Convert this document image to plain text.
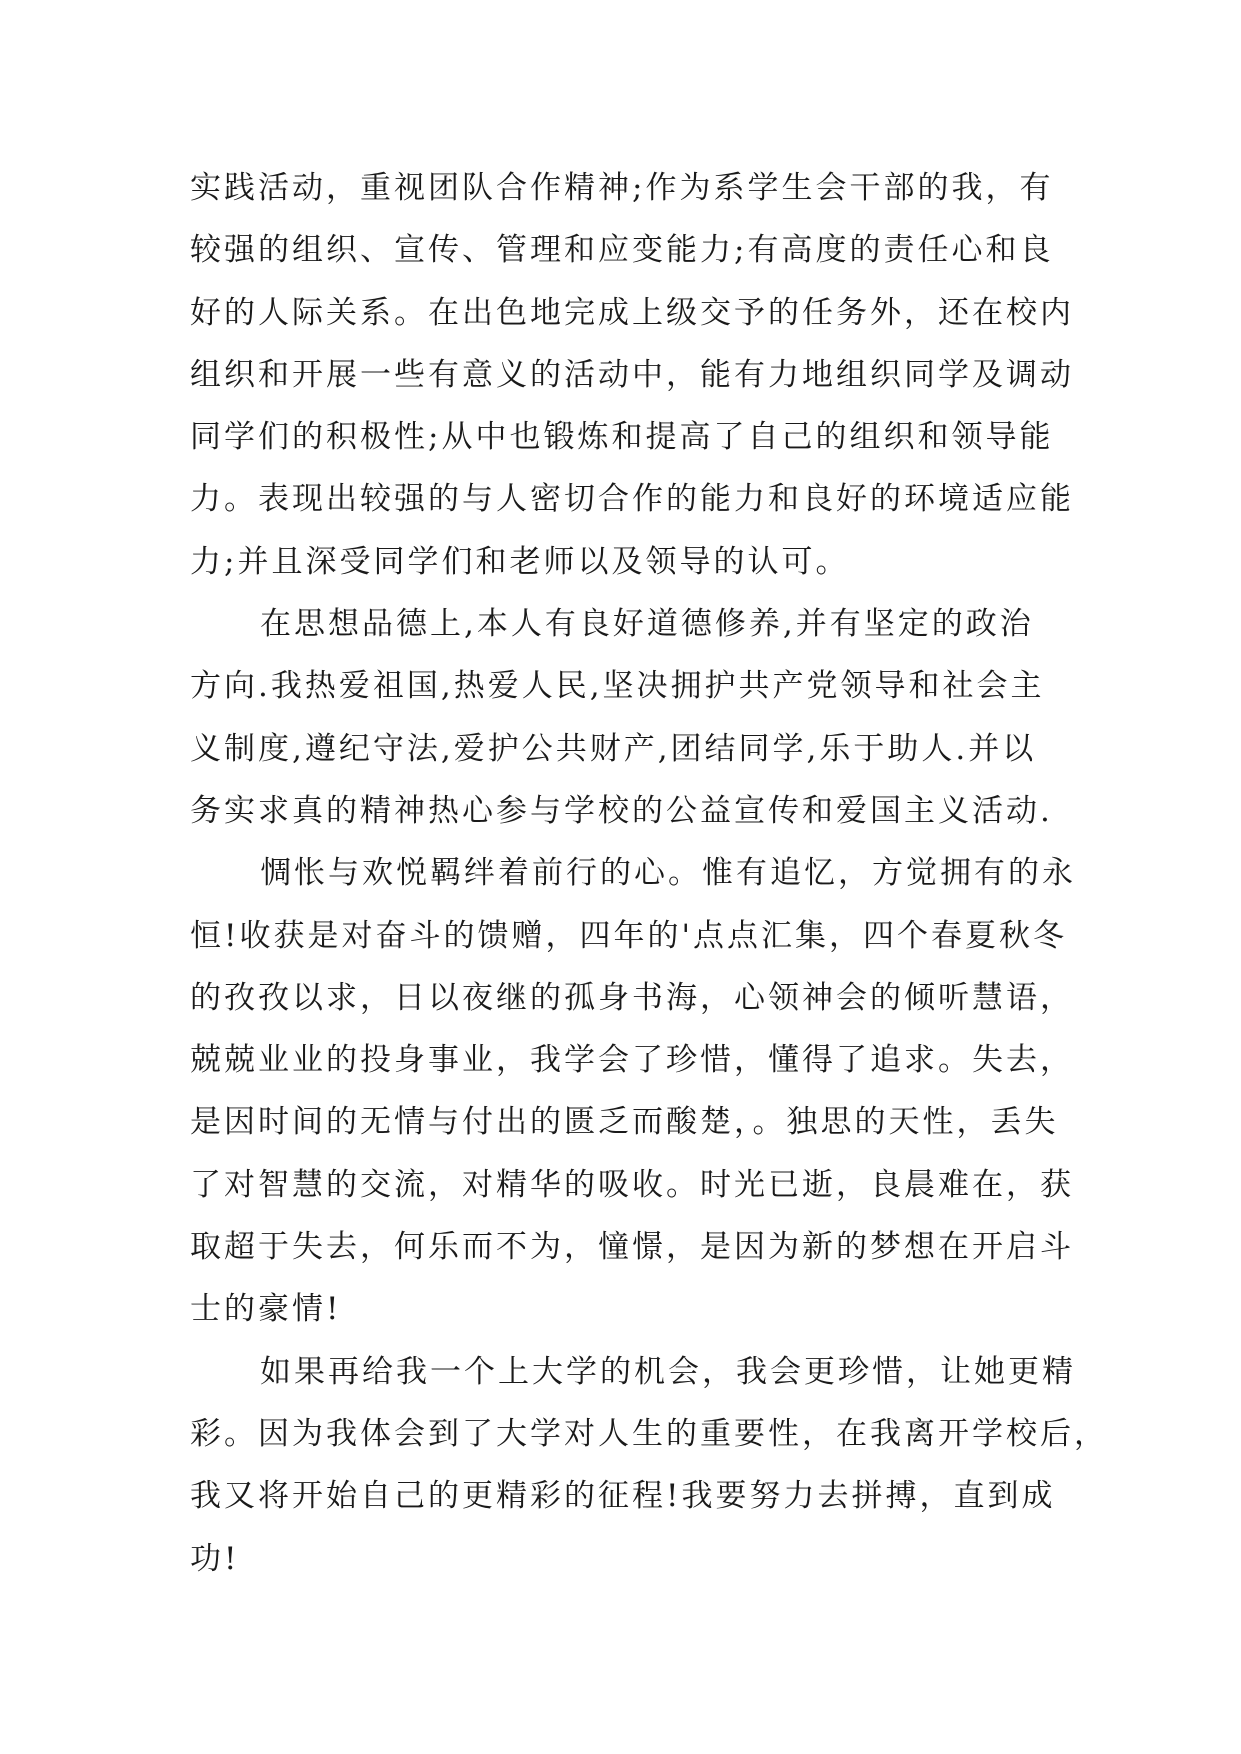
实践活动，重视团队合作精神;作为系学生会干部的我，有
较强的组织、宣传、管理和应变能力;有高度的责任心和良
好的人际关系。在出色地完成上级交予的任务外，还在校内
组织和开展一些有意义的活动中，能有力地组织同学及调动
同学们的积极性;从中也锻炼和提高了自己的组织和领导能
力。表现出较强的与人密切合作的能力和良好的环境适应能
力;并且深受同学们和老师以及领导的认可。
在思想品德上,本人有良好道德修养,并有坚定的政治
方向.我热爱祖国,热爱人民,坚决拥护共产党领导和社会主
义制度,遵纪守法,爱护公共财产,团结同学,乐于助人.并以
务实求真的精神热心参与学校的公益宣传和爱国主义活动.
惆怅与欢悦羁绊着前行的心。惟有追忆，方觉拥有的永
恒!收获是对奋斗的馈赠，四年的'点点汇集，四个春夏秋冬
的孜孜以求，日以夜继的孤身书海，心领神会的倾听慧语，
兢兢业业的投身事业，我学会了珍惜，懂得了追求。失去，
是因时间的无情与付出的匮乏而酸楚，。独思的天性，丢失
了对智慧的交流，对精华的吸收。时光已逝，良晨难在，获
取超于失去，何乐而不为，憧憬，是因为新的梦想在开启斗
士的豪情!
如果再给我一个上大学的机会，我会更珍惜，让她更精
彩。因为我体会到了大学对人生的重要性，在我离开学校后，
我又将开始自己的更精彩的征程!我要努力去拼搏，直到成
功!
